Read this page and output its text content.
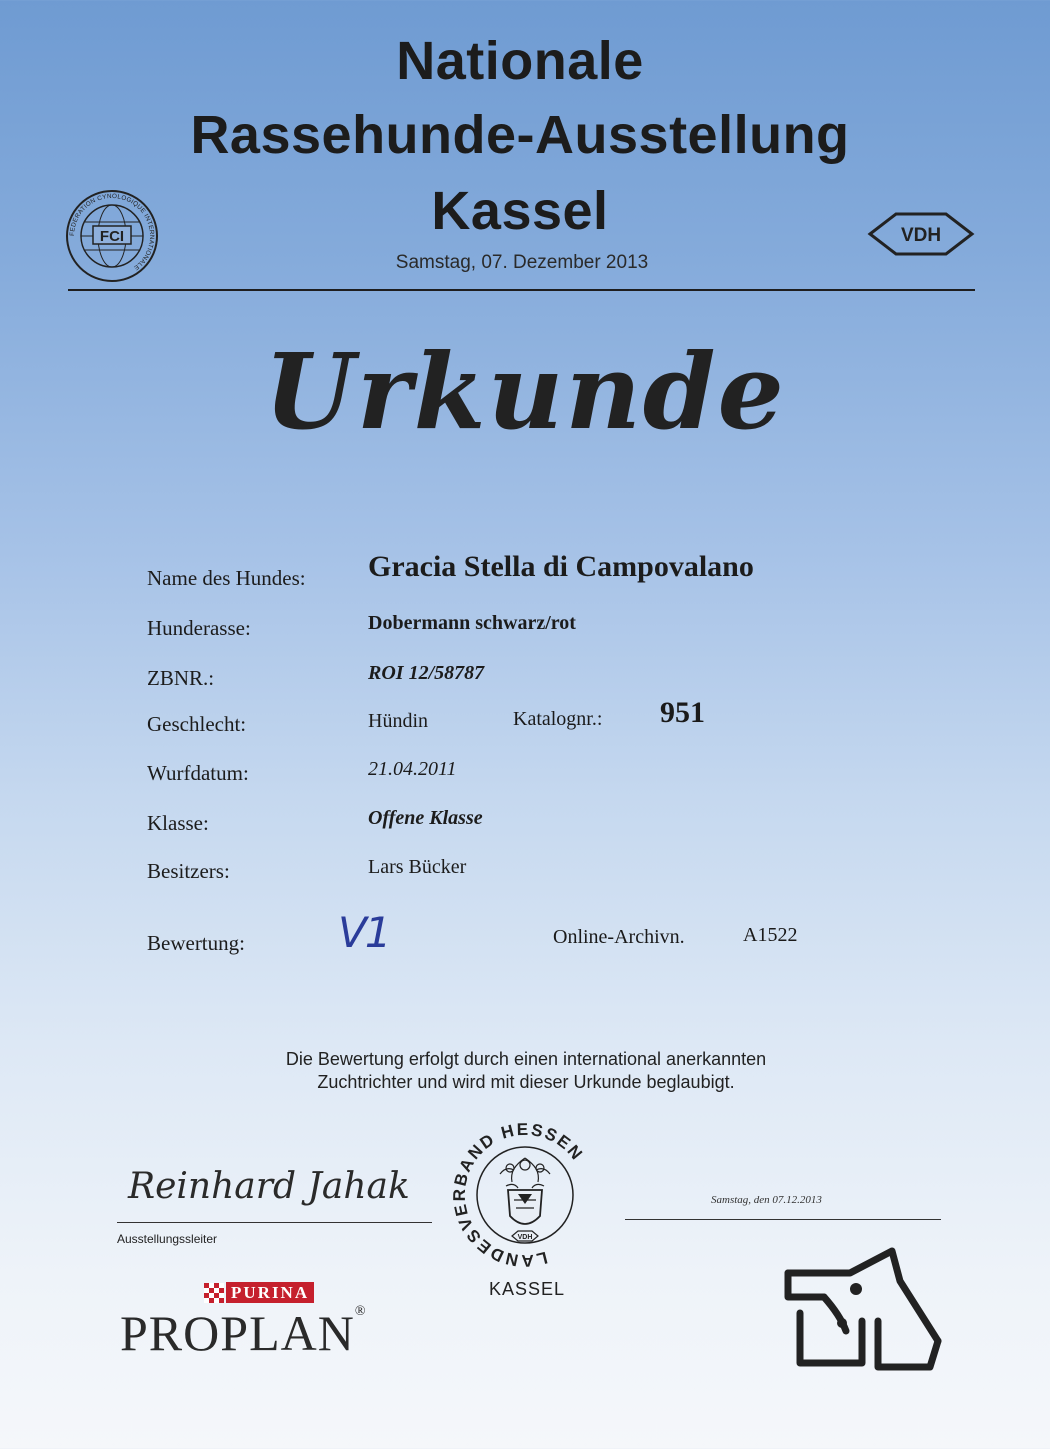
Nationale
Rassehunde-Ausstellung
Kassel
Samstag, 07. Dezember 2013
FCI
FEDERATION CYNOLOGIQUE INTERNATIONALE
VDH
Urkunde
Name des Hundes: Gracia Stella di Campovalano
Hunderasse:	Dobermann schwarz/rot
ZBNR.:	ROI 12/58787
Geschlecht:	Hündin	Katalognr.: 951
Wurfdatum:	21.04.2011
Klasse:	Offene Klasse
Besitzers:	Lars Bücker
Bewertung: V1	Online-Archivn.	A1522
Die Bewertung erfolgt durch einen international anerkannten
Zuchtrichter und wird mit dieser Urkunde beglaubigt.
Reinhard Jahak
Ausstellungssleiter
LANDESVERBAND HESSEN
VDH
KASSEL
Samstag, den 07.12.2013
PURINA
PROPLAN®
